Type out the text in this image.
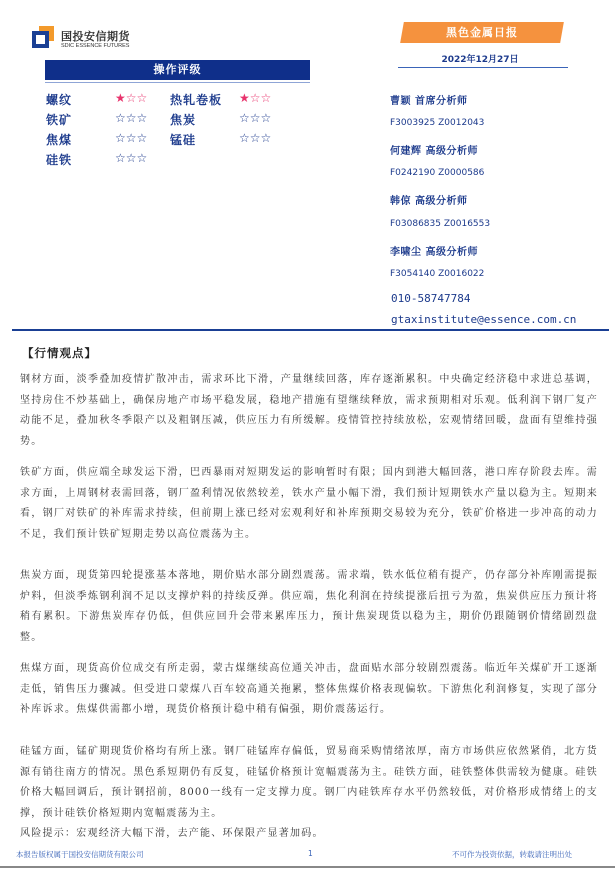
国投安信期货
SDIC ESSENCE FUTURES
黑色金属日报
2022年12月27日
操作评级
螺纹	★☆☆ 热轧卷板 ★☆☆
铁矿	☆☆☆ 焦炭	☆☆☆
焦煤	☆☆☆ 锰硅	☆☆☆
硅铁	☆☆☆
曹颖 首席分析师
F3003925 Z0012043
何建辉 高级分析师
F0242190 Z0000586
韩倞 高级分析师
F03086835 Z0016553
李啸尘 高级分析师
F3054140 Z0016022
010-58747784
gtaxinstitute@essence.com.cn
【行情观点】
钢材方面，淡季叠加疫情扩散冲击，需求环比下滑，产量继续回落，库存逐渐累积。中央确定经济稳中求进总基调，坚持房住不炒基础上，确保房地产市场平稳发展，稳地产措施有望继续释放，需求预期相对乐观。低利润下钢厂复产动能不足，叠加秋冬季限产以及粗钢压减，供应压力有所缓解。疫情管控持续放松，宏观情绪回暖，盘面有望维持强势。
铁矿方面，供应端全球发运下滑，巴西暴雨对短期发运的影响暂时有限；国内到港大幅回落，港口库存阶段去库。需求方面，上周钢材表需回落，钢厂盈利情况依然较差，铁水产量小幅下滑，我们预计短期铁水产量以稳为主。短期来看，钢厂对铁矿的补库需求持续，但前期上涨已经对宏观利好和补库预期交易较为充分，铁矿价格进一步冲高的动力不足，我们预计铁矿短期走势以高位震荡为主。
焦炭方面，现货第四轮提涨基本落地，期价贴水部分剧烈震荡。需求端，铁水低位稍有提产，仍存部分补库刚需提振炉料，但淡季炼钢利润不足以支撑炉料的持续反弹。供应端，焦化利润在持续提涨后扭亏为盈，焦炭供应压力预计将稍有累积。下游焦炭库存仍低，但供应回升会带来累库压力，预计焦炭现货以稳为主，期价仍跟随钢价情绪剧烈盘整。
焦煤方面，现货高价位成交有所走弱，蒙古煤继续高位通关冲击，盘面贴水部分较剧烈震荡。临近年关煤矿开工逐渐走低，销售压力骤减。但受进口蒙煤八百车较高通关拖累，整体焦煤价格表现偏软。下游焦化利润修复，实现了部分补库诉求。焦煤供需都小增，现货价格预计稳中稍有偏强，期价震荡运行。
硅锰方面，锰矿期现货价格均有所上涨。钢厂硅锰库存偏低，贸易商采购情绪浓厚，南方市场供应依然紧俏，北方货源有销往南方的情况。黑色系短期仍有反复，硅锰价格预计宽幅震荡为主。硅铁方面，硅铁整体供需较为健康。硅铁价格大幅回调后，预计钢招前，8000一线有一定支撑力度。钢厂内硅铁库存水平仍然较低，对价格形成情绪上的支撑，预计硅铁价格短期内宽幅震荡为主。
风险提示：宏观经济大幅下滑，去产能、环保限产显著加码。
本报告版权属于国投安信期货有限公司	1	不可作为投资依据，转载请注明出处
